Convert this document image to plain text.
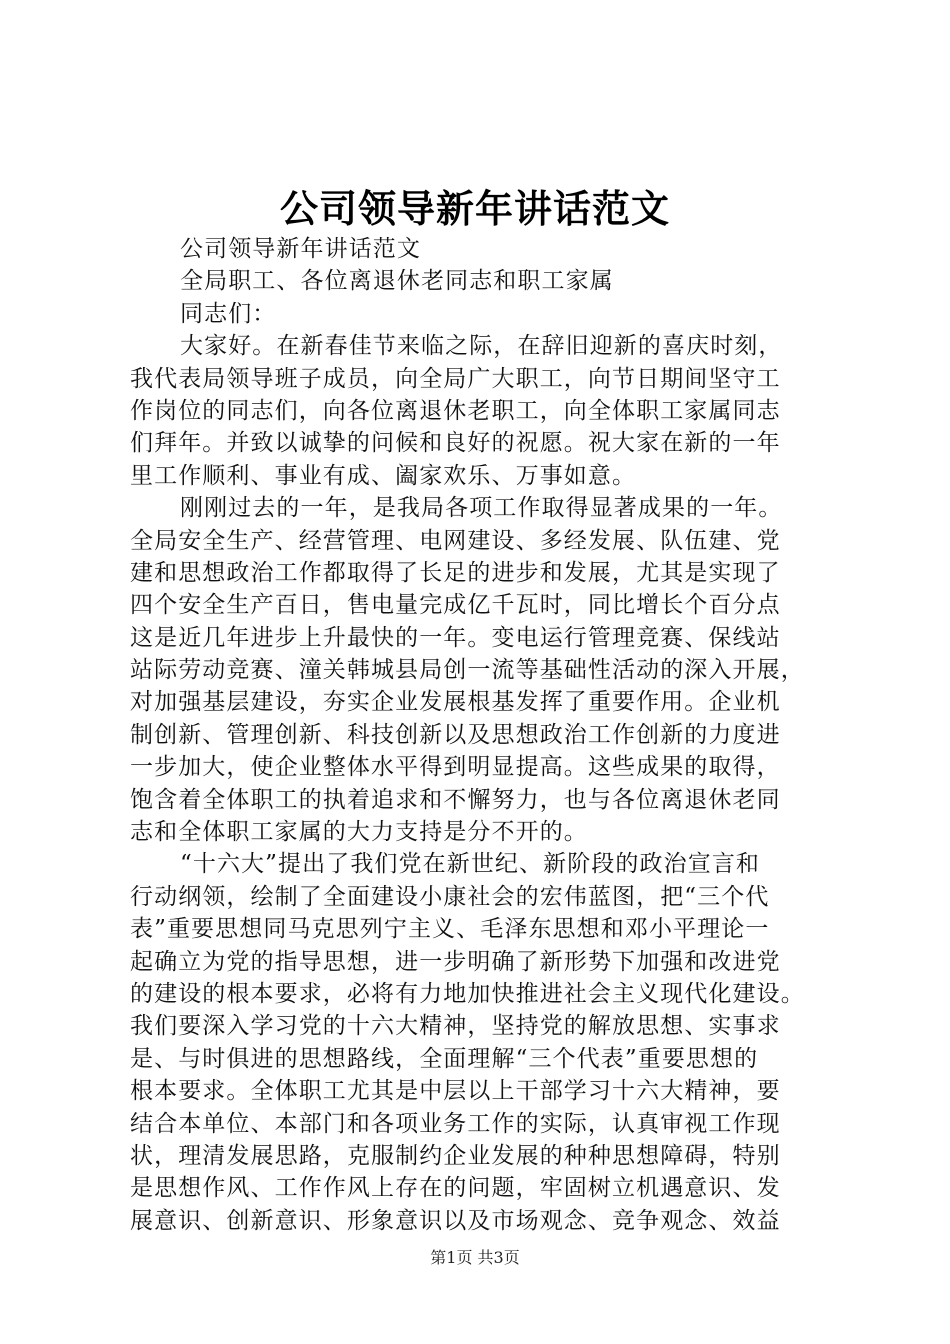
公司领导新年讲话范文
公司领导新年讲话范文
全局职工、各位离退休老同志和职工家属
同志们：
大家好。在新春佳节来临之际，在辞旧迎新的喜庆时刻，
我代表局领导班子成员，向全局广大职工，向节日期间坚守工
作岗位的同志们，向各位离退休老职工，向全体职工家属同志
们拜年。并致以诚挚的问候和良好的祝愿。祝大家在新的一年
里工作顺利、事业有成、阖家欢乐、万事如意。
刚刚过去的一年，是我局各项工作取得显著成果的一年。
全局安全生产、经营管理、电网建设、多经发展、队伍建、党
建和思想政治工作都取得了长足的进步和发展，尤其是实现了
四个安全生产百日，售电量完成亿千瓦时，同比增长个百分点
这是近几年进步上升最快的一年。变电运行管理竞赛、保线站
站际劳动竞赛、潼关韩城县局创一流等基础性活动的深入开展，
对加强基层建设，夯实企业发展根基发挥了重要作用。企业机
制创新、管理创新、科技创新以及思想政治工作创新的力度进
一步加大，使企业整体水平得到明显提高。这些成果的取得，
饱含着全体职工的执着追求和不懈努力，也与各位离退休老同
志和全体职工家属的大力支持是分不开的。
“十六大”提出了我们党在新世纪、新阶段的政治宣言和
行动纲领，绘制了全面建设小康社会的宏伟蓝图，把“三个代
表”重要思想同马克思列宁主义、毛泽东思想和邓小平理论一
起确立为党的指导思想，进一步明确了新形势下加强和改进党
的建设的根本要求，必将有力地加快推进社会主义现代化建设。
我们要深入学习党的十六大精神，坚持党的解放思想、实事求
是、与时俱进的思想路线，全面理解“三个代表”重要思想的
根本要求。全体职工尤其是中层以上干部学习十六大精神，要
结合本单位、本部门和各项业务工作的实际，认真审视工作现
状，理清发展思路，克服制约企业发展的种种思想障碍，特别
是思想作风、工作作风上存在的问题，牢固树立机遇意识、发
展意识、创新意识、形象意识以及市场观念、竞争观念、效益
第1页 共3页
